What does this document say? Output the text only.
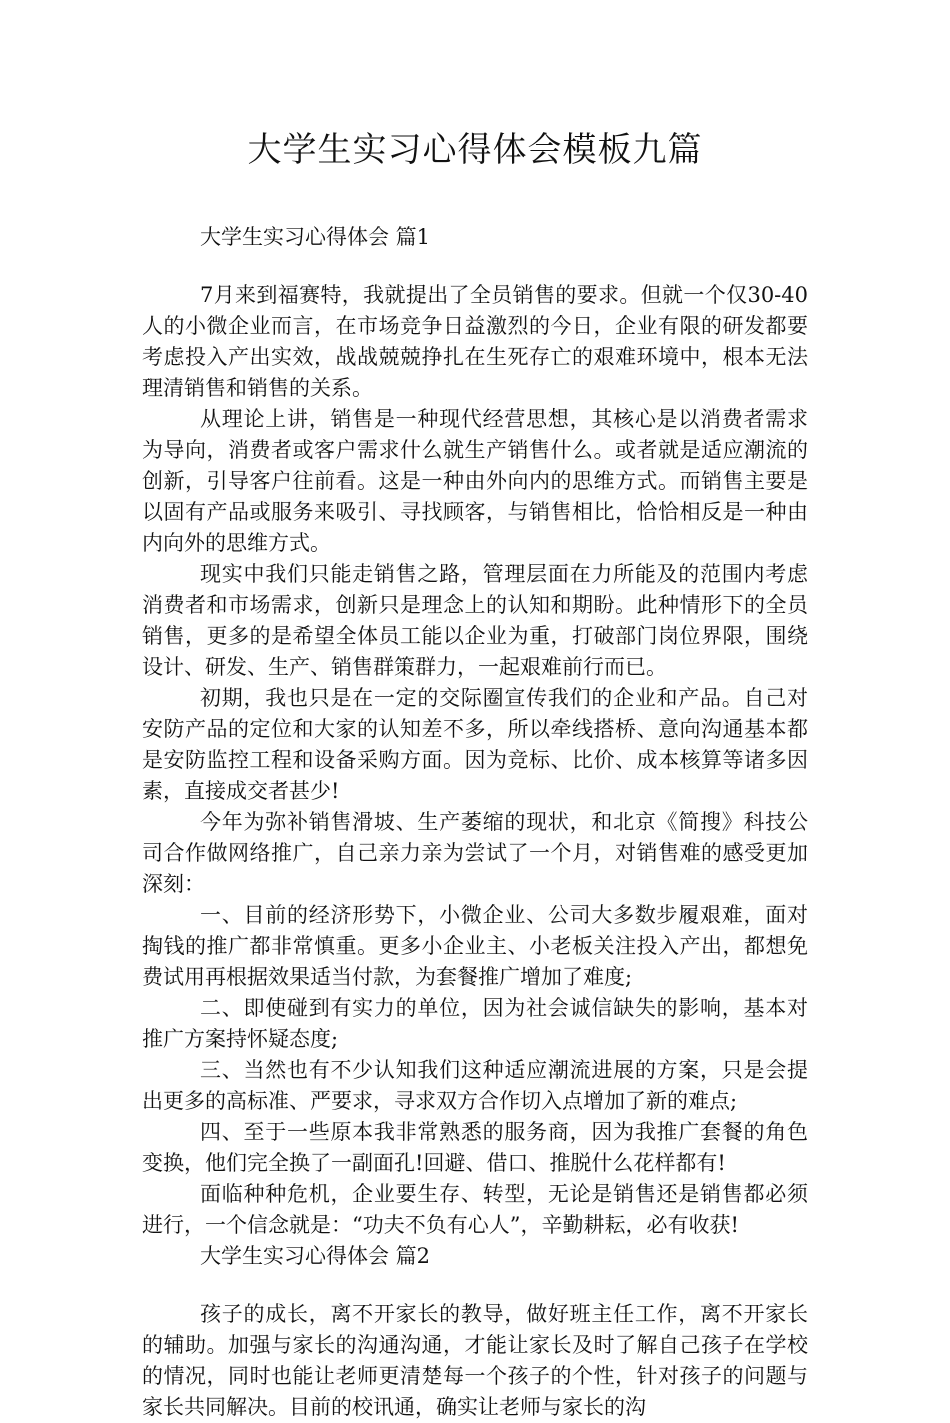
大学生实习心得体会模板九篇
大学生实习心得体会 篇1

7月来到福赛特，我就提出了全员销售的要求。但就一个仅30-40人的小微企业而言，在市场竞争日益激烈的今日，企业有限的研发都要考虑投入产出实效，战战兢兢挣扎在生死存亡的艰难环境中，根本无法理清销售和销售的关系。

从理论上讲，销售是一种现代经营思想，其核心是以消费者需求为导向，消费者或客户需求什么就生产销售什么。或者就是适应潮流的创新，引导客户往前看。这是一种由外向内的思维方式。而销售主要是以固有产品或服务来吸引、寻找顾客，与销售相比，恰恰相反是一种由内向外的思维方式。

现实中我们只能走销售之路，管理层面在力所能及的范围内考虑消费者和市场需求，创新只是理念上的认知和期盼。此种情形下的全员销售，更多的是希望全体员工能以企业为重，打破部门岗位界限，围绕设计、研发、生产、销售群策群力，一起艰难前行而已。

初期，我也只是在一定的交际圈宣传我们的企业和产品。自己对安防产品的定位和大家的认知差不多，所以牵线搭桥、意向沟通基本都是安防监控工程和设备采购方面。因为竞标、比价、成本核算等诸多因素，直接成交者甚少!

今年为弥补销售滑坡、生产萎缩的现状，和北京《简搜》科技公司合作做网络推广，自己亲力亲为尝试了一个月，对销售难的感受更加深刻：

一、目前的经济形势下，小微企业、公司大多数步履艰难，面对掏钱的推广都非常慎重。更多小企业主、小老板关注投入产出，都想免费试用再根据效果适当付款，为套餐推广增加了难度;

二、即使碰到有实力的单位，因为社会诚信缺失的影响，基本对推广方案持怀疑态度;

三、当然也有不少认知我们这种适应潮流进展的方案，只是会提出更多的高标准、严要求，寻求双方合作切入点增加了新的难点;

四、至于一些原本我非常熟悉的服务商，因为我推广套餐的角色变换，他们完全换了一副面孔!回避、借口、推脱什么花样都有!

面临种种危机，企业要生存、转型，无论是销售还是销售都必须进行，一个信念就是：“功夫不负有心人”，辛勤耕耘，必有收获!

大学生实习心得体会 篇2

孩子的成长，离不开家长的教导，做好班主任工作，离不开家长的辅助。加强与家长的沟通沟通，才能让家长及时了解自己孩子在学校的情况，同时也能让老师更清楚每一个孩子的个性，针对孩子的问题与家长共同解决。目前的校讯通，确实让老师与家长的沟
